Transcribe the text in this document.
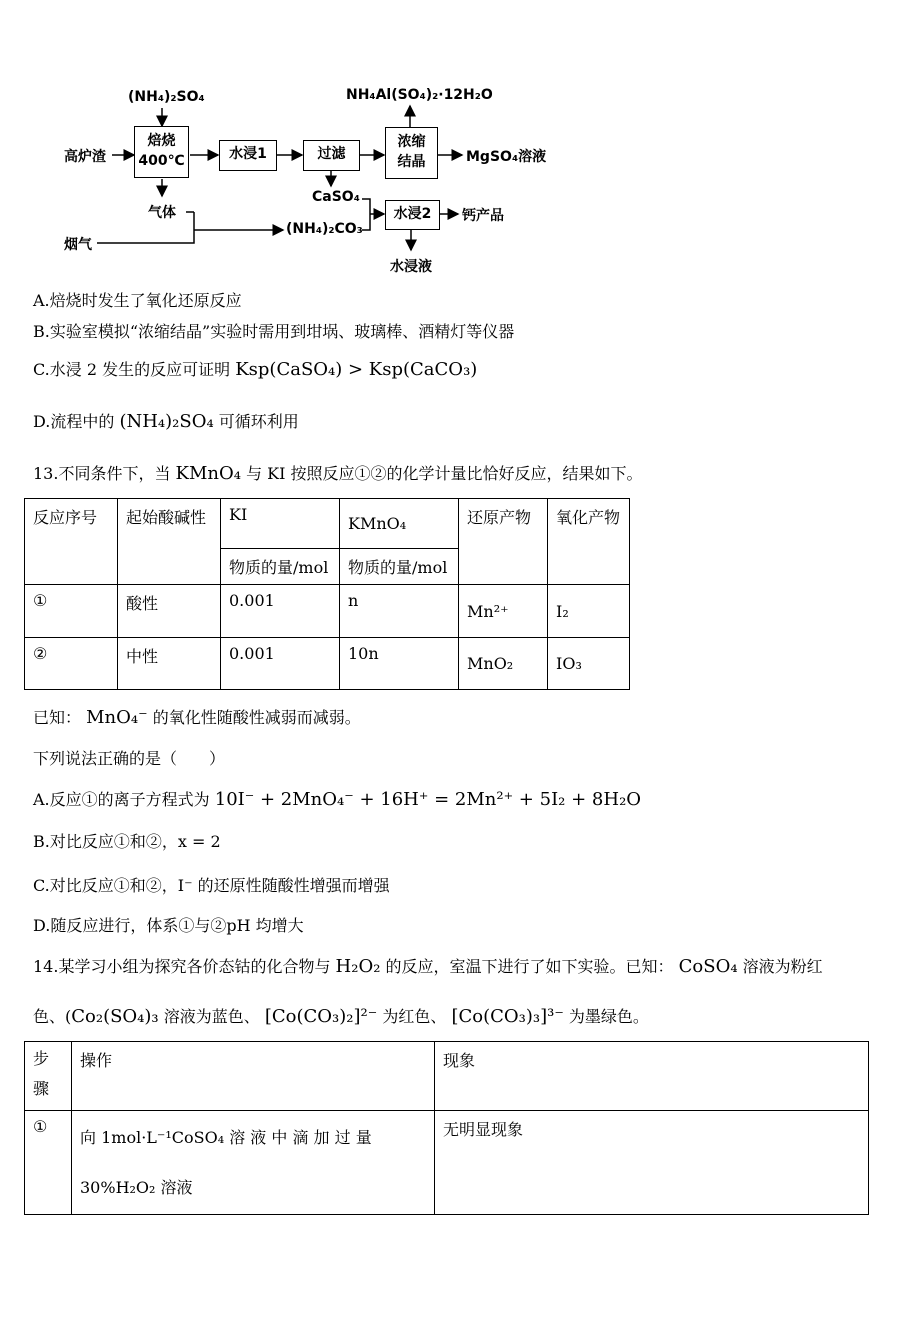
(NH₄)₂SO₄
高炉渣
焙烧
400℃	水浸1	过滤
浓缩
结晶
NH₄Al(SO₄)₂·12H₂O
MgSO₄溶液
气体
CaSO₄
烟气
(NH₄)₂CO₃
水浸2	钙产品
水浸液
A.焙烧时发生了氧化还原反应
B.实验室模拟“浓缩结晶”实验时需用到坩埚、玻璃棒、酒精灯等仪器
C.水浸 2 发生的反应可证明 Ksp(CaSO₄) > Ksp(CaCO₃)
D.流程中的 (NH₄)₂SO₄ 可循环利用
13.不同条件下，当 KMnO₄ 与 KI 按照反应①②的化学计量比恰好反应，结果如下。
反应序号	起始酸碱性	KI	KMnO₄	还原产物	氧化产物
		物质的量/mol	物质的量/mol		
①	酸性	0.001	n	Mn²⁺	I₂
②	中性	0.001	10n	MnO₂	IO₃
已知： MnO₄⁻ 的氧化性随酸性减弱而减弱。
下列说法正确的是（　　）
A.反应①的离子方程式为 10I⁻ + 2MnO₄⁻ + 16H⁺ = 2Mn²⁺ + 5I₂ + 8H₂O
B.对比反应①和②，x = 2
C.对比反应①和②，I⁻ 的还原性随酸性增强而增强
D.随反应进行，体系①与②pH 均增大
14.某学习小组为探究各价态钴的化合物与 H₂O₂ 的反应，室温下进行了如下实验。已知： CoSO₄ 溶液为粉红
色、(Co₂(SO₄)₃ 溶液为蓝色、 [Co(CO₃)₂]²⁻ 为红色、 [Co(CO₃)₃]³⁻ 为墨绿色。
步骤	操作	现象
①	向 1mol·L⁻¹CoSO₄ 溶 液 中 滴 加 过 量
30%H₂O₂ 溶液	无明显现象
